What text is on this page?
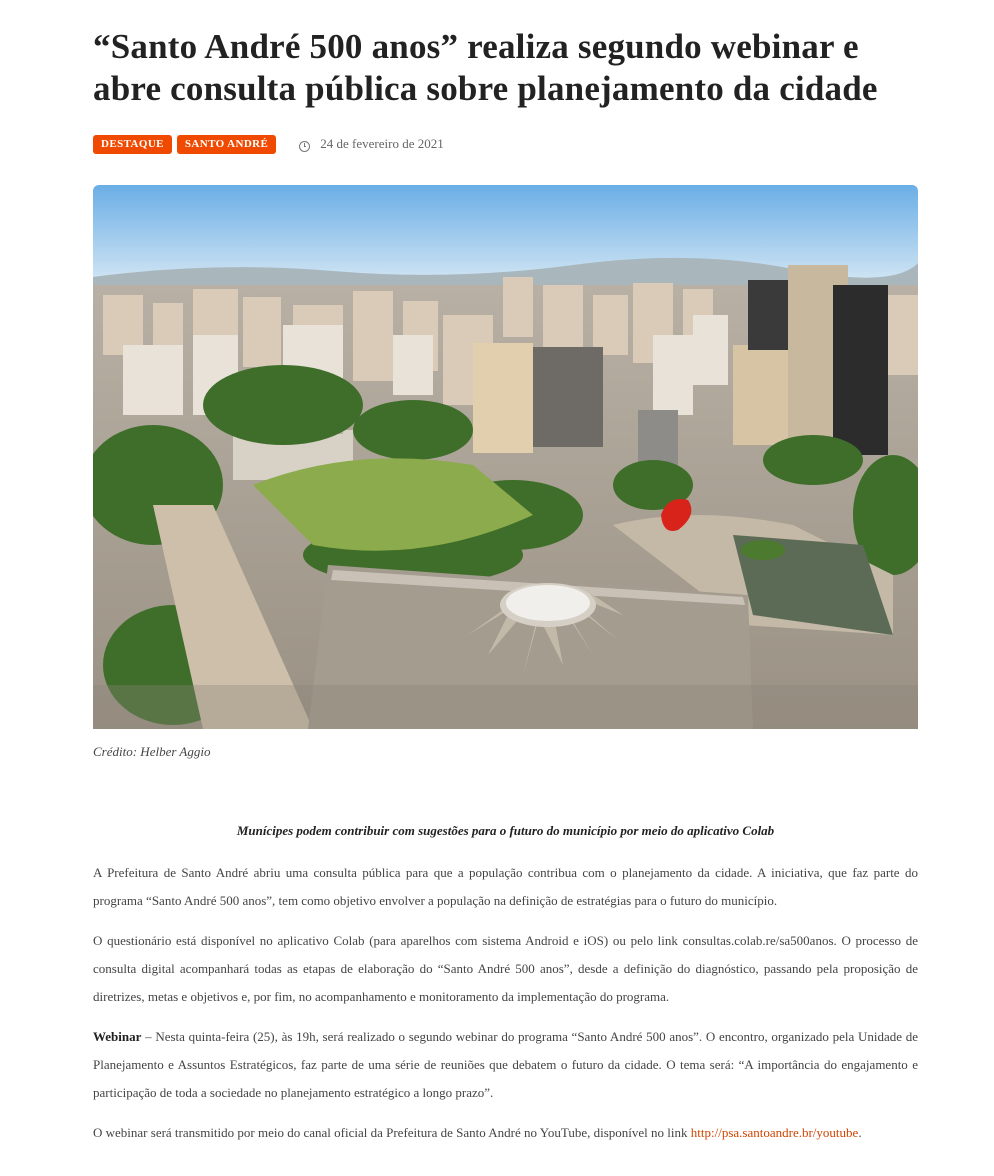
“Santo André 500 anos” realiza segundo webinar e abre consulta pública sobre planejamento da cidade
DESTAQUE	SANTO ANDRÉ	24 de fevereiro de 2021
Crédito: Helber Aggio
Munícipes podem contribuir com sugestões para o futuro do município por meio do aplicativo Colab

A Prefeitura de Santo André abriu uma consulta pública para que a população contribua com o planejamento da cidade. A iniciativa, que faz parte do programa “Santo André 500 anos”, tem como objetivo envolver a população na definição de estratégias para o futuro do município.

O questionário está disponível no aplicativo Colab (para aparelhos com sistema Android e iOS) ou pelo link consultas.colab.re/sa500anos. O processo de consulta digital acompanhará todas as etapas de elaboração do “Santo André 500 anos”, desde a definição do diagnóstico, passando pela proposição de diretrizes, metas e objetivos e, por fim, no acompanhamento e monitoramento da implementação do programa.

Webinar – Nesta quinta-feira (25), às 19h, será realizado o segundo webinar do programa “Santo André 500 anos”. O encontro, organizado pela Unidade de Planejamento e Assuntos Estratégicos, faz parte de uma série de reuniões que debatem o futuro da cidade. O tema será: “A importância do engajamento e participação de toda a sociedade no planejamento estratégico a longo prazo”.

O webinar será transmitido por meio do canal oficial da Prefeitura de Santo André no YouTube, disponível no link http://psa.santoandre.br/youtube.
